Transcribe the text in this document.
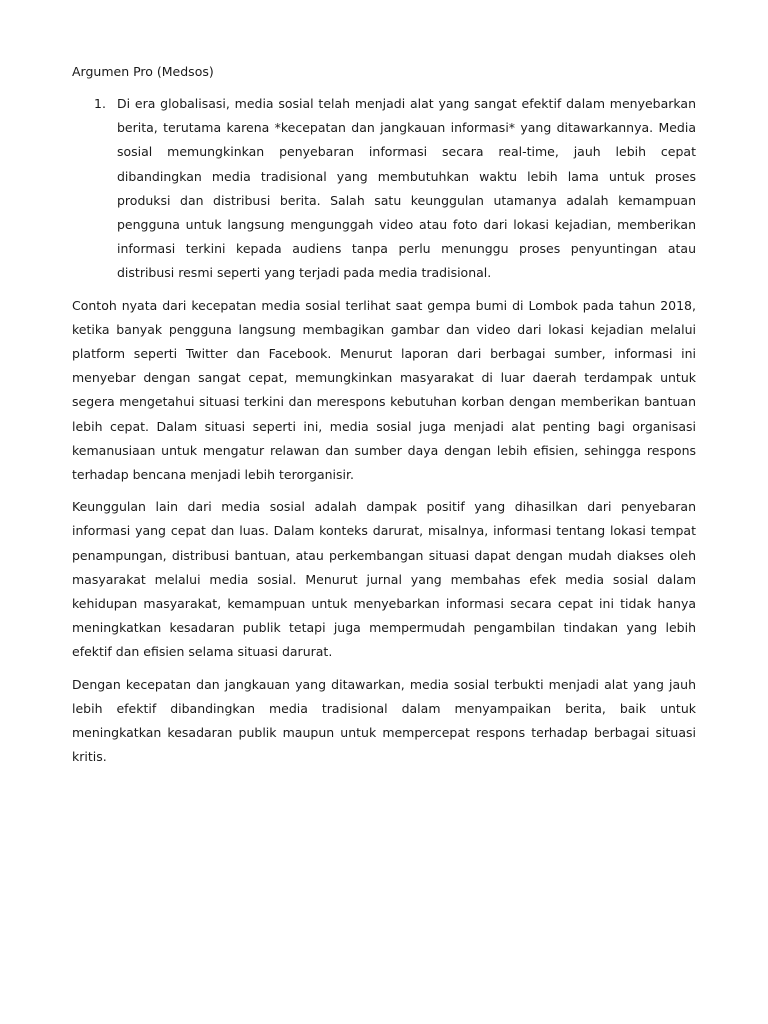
Argumen Pro (Medsos)
1. Di era globalisasi, media sosial telah menjadi alat yang sangat efektif dalam menyebarkan berita, terutama karena *kecepatan dan jangkauan informasi* yang ditawarkannya. Media sosial memungkinkan penyebaran informasi secara real-time, jauh lebih cepat dibandingkan media tradisional yang membutuhkan waktu lebih lama untuk proses produksi dan distribusi berita. Salah satu keunggulan utamanya adalah kemampuan pengguna untuk langsung mengunggah video atau foto dari lokasi kejadian, memberikan informasi terkini kepada audiens tanpa perlu menunggu proses penyuntingan atau distribusi resmi seperti yang terjadi pada media tradisional.

Contoh nyata dari kecepatan media sosial terlihat saat gempa bumi di Lombok pada tahun 2018, ketika banyak pengguna langsung membagikan gambar dan video dari lokasi kejadian melalui platform seperti Twitter dan Facebook. Menurut laporan dari berbagai sumber, informasi ini menyebar dengan sangat cepat, memungkinkan masyarakat di luar daerah terdampak untuk segera mengetahui situasi terkini dan merespons kebutuhan korban dengan memberikan bantuan lebih cepat. Dalam situasi seperti ini, media sosial juga menjadi alat penting bagi organisasi kemanusiaan untuk mengatur relawan dan sumber daya dengan lebih efisien, sehingga respons terhadap bencana menjadi lebih terorganisir.

Keunggulan lain dari media sosial adalah dampak positif yang dihasilkan dari penyebaran informasi yang cepat dan luas. Dalam konteks darurat, misalnya, informasi tentang lokasi tempat penampungan, distribusi bantuan, atau perkembangan situasi dapat dengan mudah diakses oleh masyarakat melalui media sosial. Menurut jurnal yang membahas efek media sosial dalam kehidupan masyarakat, kemampuan untuk menyebarkan informasi secara cepat ini tidak hanya meningkatkan kesadaran publik tetapi juga mempermudah pengambilan tindakan yang lebih efektif dan efisien selama situasi darurat.

Dengan kecepatan dan jangkauan yang ditawarkan, media sosial terbukti menjadi alat yang jauh lebih efektif dibandingkan media tradisional dalam menyampaikan berita, baik untuk meningkatkan kesadaran publik maupun untuk mempercepat respons terhadap berbagai situasi kritis.
